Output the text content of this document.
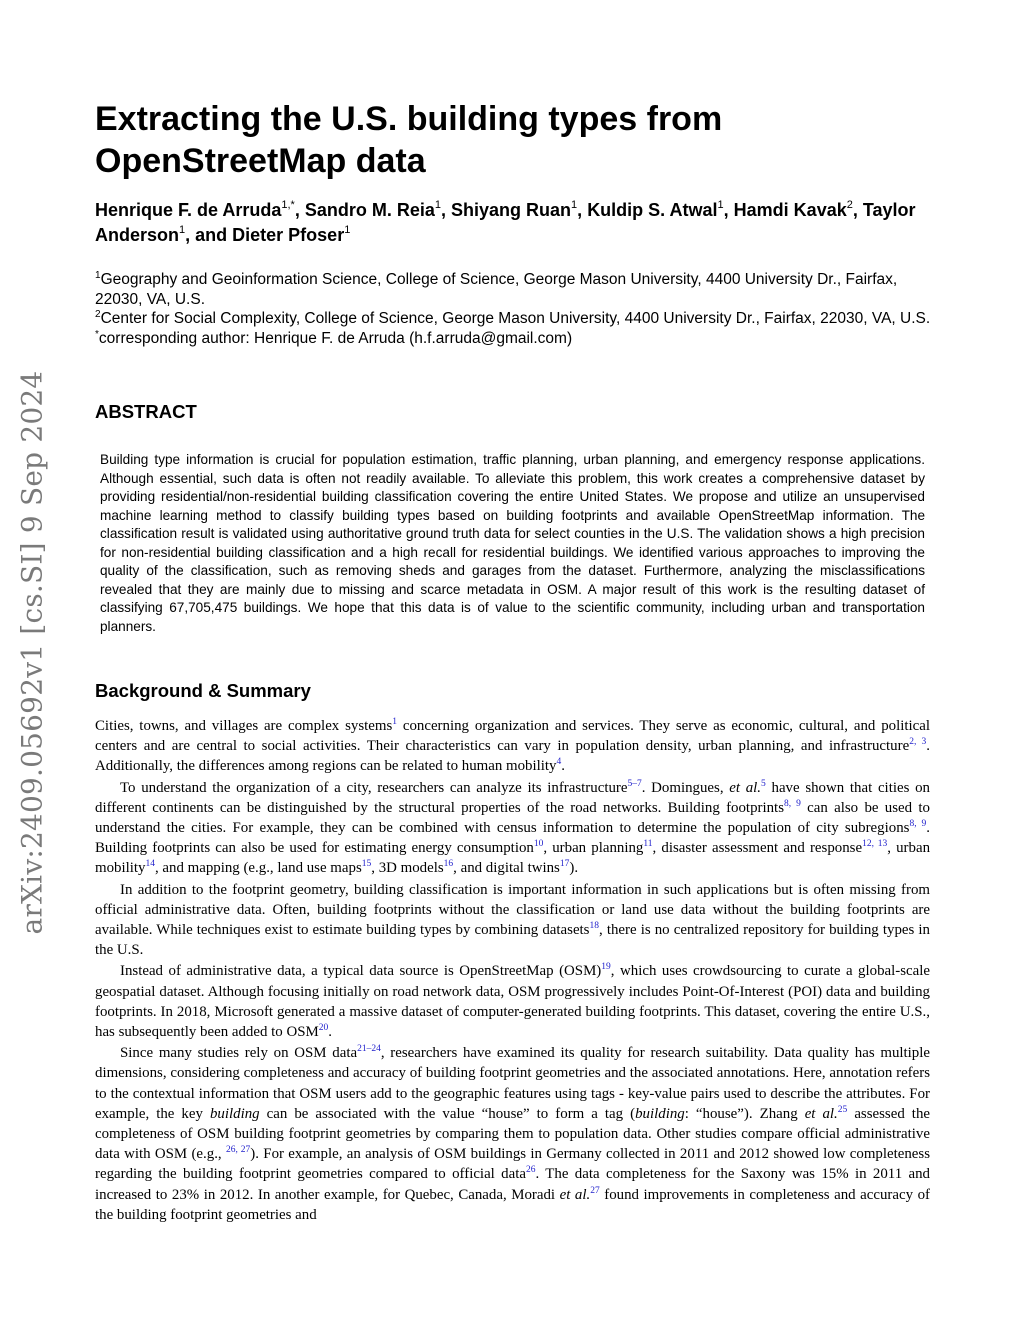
arXiv:2409.05692v1 [cs.SI] 9 Sep 2024
Extracting the U.S. building types from OpenStreetMap data

Henrique F. de Arruda$^{1,*}$, Sandro M. Reia$^1$, Shiyang Ruan$^1$, Kuldip S. Atwal$^1$, Hamdi Kavak$^2$, Taylor Anderson$^1$, and Dieter Pfoser$^1$

$^1$Geography and Geoinformation Science, College of Science, George Mason University, 4400 University Dr., Fairfax, 22030, VA, U.S.

$^2$Center for Social Complexity, College of Science, George Mason University, 4400 University Dr., Fairfax, 22030, VA, U.S.

*corresponding author: Henrique F. de Arruda (h.f.arruda@gmail.com)

ABSTRACT

Building type information is crucial for population estimation, traffic planning, urban planning, and emergency response applications. Although essential, such data is often not readily available. To alleviate this problem, this work creates a comprehensive dataset by providing residential/non-residential building classification covering the entire United States. We propose and utilize an unsupervised machine learning method to classify building types based on building footprints and available OpenStreetMap information. The classification result is validated using authoritative ground truth data for select counties in the U.S. The validation shows a high precision for non-residential building classification and a high recall for residential buildings. We identified various approaches to improving the quality of the classification, such as removing sheds and garages from the dataset. Furthermore, analyzing the misclassifications revealed that they are mainly due to missing and scarce metadata in OSM. A major result of this work is the resulting dataset of classifying 67,705,475 buildings. We hope that this data is of value to the scientific community, including urban and transportation planners.

Background & Summary

Cities, towns, and villages are complex systems$^1$ concerning organization and services. They serve as economic, cultural, and political centers and are central to social activities. Their characteristics can vary in population density, urban planning, and infrastructure$^{2, 3}$. Additionally, the differences among regions can be related to human mobility$^4$.

To understand the organization of a city, researchers can analyze its infrastructure$^{5-7}$. Domingues, et al.$^5$ have shown that cities on different continents can be distinguished by the structural properties of the road networks. Building footprints$^{8, 9}$ can also be used to understand the cities. For example, they can be combined with census information to determine the population of city subregions$^{8, 9}$. Building footprints can also be used for estimating energy consumption$^{10}$, urban planning$^{11}$, disaster assessment and response$^{12, 13}$, urban mobility$^{14}$, and mapping (e.g., land use maps$^{15}$, 3D models$^{16}$, and digital twins$^{17}$).

In addition to the footprint geometry, building classification is important information in such applications but is often missing from official administrative data. Often, building footprints without the classification or land use data without the building footprints are available. While techniques exist to estimate building types by combining datasets$^{18}$, there is no centralized repository for building types in the U.S.

Instead of administrative data, a typical data source is OpenStreetMap (OSM)$^{19}$, which uses crowdsourcing to curate a global-scale geospatial dataset. Although focusing initially on road network data, OSM progressively includes Point-Of-Interest (POI) data and building footprints. In 2018, Microsoft generated a massive dataset of computer-generated building footprints. This dataset, covering the entire U.S., has subsequently been added to OSM$^{20}$.

Since many studies rely on OSM data$^{21-24}$, researchers have examined its quality for research suitability. Data quality has multiple dimensions, considering completeness and accuracy of building footprint geometries and the associated annotations. Here, annotation refers to the contextual information that OSM users add to the geographic features using tags - key-value pairs used to describe the attributes. For example, the key building can be associated with the value “house” to form a tag (building: “house”). Zhang et al.$^{25}$ assessed the completeness of OSM building footprint geometries by comparing them to population data. Other studies compare official administrative data with OSM (e.g., $^{26, 27}$). For example, an analysis of OSM buildings in Germany collected in 2011 and 2012 showed low completeness regarding the building footprint geometries compared to official data$^{26}$. The data completeness for the Saxony was 15% in 2011 and increased to 23% in 2012. In another example, for Quebec, Canada, Moradi et al.$^{27}$ found improvements in completeness and accuracy of the building footprint geometries and
